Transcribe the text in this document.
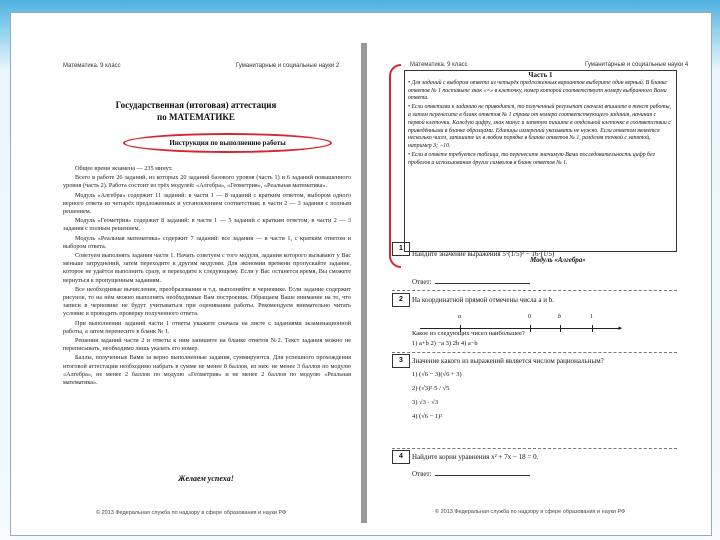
Математика. 9 класс	Гуманитарные и социальные науки 2
Государственная (итоговая) аттестация
по МАТЕМАТИКЕ
Инструкция по выполнению работы

Общее время экзамена — 235 минут.

Всего в работе 26 заданий, из которых 20 заданий базового уровня (часть 1) и 6 заданий повышенного уровня (часть 2). Работа состоит из трёх модулей: «Алгебра», «Геометрия», «Реальная математика».

Модуль «Алгебра» содержит 11 заданий: в части 1 — 8 заданий с кратким ответом, выбором одного верного ответа из четырёх предложенных и установлением соответствия; в части 2 — 3 задания с полным решением.

Модуль «Геометрия» содержит 8 заданий: в части 1 — 5 заданий с кратким ответом, в части 2 — 3 задания с полным решением.

Модуль «Реальная математика» содержит 7 заданий: все задания — в части 1, с кратким ответом и выбором ответа.

Советуем выполнять задания части 1. Начать советуем с того модуля, задания которого вызывают у Вас меньше затруднений, затем переходите к другим модулям. Для экономии времени пропускайте задание, которое не удаётся выполнить сразу, и переходите к следующему. Если у Вас останется время, Вы сможете вернуться к пропущенным заданиям.

Все необходимые вычисления, преобразования и т.д. выполняйте в черновике. Если задание содержит рисунок, то на нём можно выполнять необходимые Вам построения. Обращаем Ваше внимание на то, что записи в черновике не будут учитываться при оценивании работы. Рекомендуем внимательно читать условие и проводить проверку полученного ответа.

При выполнении заданий части 1 ответы укажите сначала на листе с заданиями экзаменационной работы, а затем перенесите в бланк № 1.

Решения заданий части 2 и ответы к ним запишите на бланке ответов №2. Текст задания можно не переписывать, необходимо лишь указать его номер.

Баллы, полученные Вами за верно выполненные задания, суммируются. Для успешного прохождения итоговой аттестации необходимо набрать в сумме не менее 8 баллов, из них: не менее 3 баллов по модулю «Алгебра», не менее 2 баллов по модулю «Геометрия» и не менее 2 баллов по модулю «Реальная математика».

Желаем успеха!
© 2013 Федеральная служба по надзору в сфере образования и науки РФ
Математика. 9 класс	Гуманитарные и социальные науки 4
Часть 1

• Для заданий с выбором ответа из четырёх предложенных вариантов выберите один верный. В бланке ответов № 1 поставьте знак «×» в клеточку, номер которой соответствует номеру выбранного Вами ответа.

• Если ответами к заданию не приводится, то полученный результат сначала впишите в текст работы, а затем перенесите в бланк ответов № 1 справа от номера соответствующего задания, начиная с первой клеточки. Каждую цифру, знак минус и запятую пишите в отдельной клеточке в соответствии с приведёнными в бланке образцами. Единицы измерений указывать не нужно. Если ответом является несколько чисел, запишите их в любом порядке в бланке ответов № 1, разделяя точкой с запятой, например 3; −10.

• Если в ответе требуется таблица, то перенесите значимую Вами последовательность цифр без пробелов и использования других символов в бланк ответов № 1.

Модуль «Алгебра»
1
Найдите значение выражения 5·(1/5)² − 16·(1/5)
Ответ:
2	На координатной прямой отмечены числа a и b.
▸
a	0	b	1
Какое из следующих чисел наибольшее?
1) a+b 2) −a 3) 2b 4) a−b
3	Значение какого из выражений является числом рациональным?
1) (√6 − 3)(√6 + 3)
2) (√3)²·5 / √5
3) √3 · √3
4) (√6 − 1)²
4	Найдите корни уравнения x² + 7x − 18 = 0.
Ответ:
© 2013 Федеральная служба по надзору в сфере образования и науки РФ
